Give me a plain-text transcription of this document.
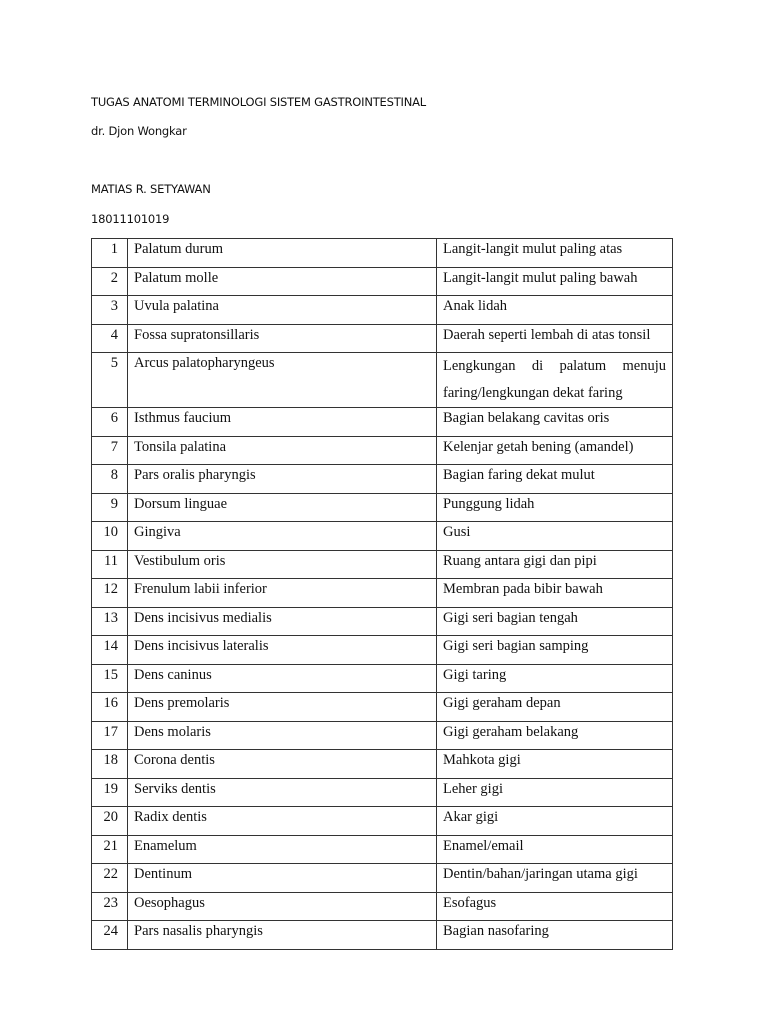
TUGAS ANATOMI TERMINOLOGI SISTEM GASTROINTESTINAL
dr. Djon Wongkar
MATIAS R. SETYAWAN
18011101019
1	Palatum durum	Langit-langit mulut paling atas
2	Palatum molle	Langit-langit mulut paling bawah
3	Uvula palatina	Anak lidah
4	Fossa supratonsillaris	Daerah seperti lembah di atas tonsil
5	Arcus palatopharyngeus	Lengkungan di palatum menuju faring/lengkungan dekat faring
6	Isthmus faucium	Bagian belakang cavitas oris
7	Tonsila palatina	Kelenjar getah bening (amandel)
8	Pars oralis pharyngis	Bagian faring dekat mulut
9	Dorsum linguae	Punggung lidah
10	Gingiva	Gusi
11	Vestibulum oris	Ruang antara gigi dan pipi
12	Frenulum labii inferior	Membran pada bibir bawah
13	Dens incisivus medialis	Gigi seri bagian tengah
14	Dens incisivus lateralis	Gigi seri bagian samping
15	Dens caninus	Gigi taring
16	Dens premolaris	Gigi geraham depan
17	Dens molaris	Gigi geraham belakang
18	Corona dentis	Mahkota gigi
19	Serviks dentis	Leher gigi
20	Radix dentis	Akar gigi
21	Enamelum	Enamel/email
22	Dentinum	Dentin/bahan/jaringan utama gigi
23	Oesophagus	Esofagus
24	Pars nasalis pharyngis	Bagian nasofaring
